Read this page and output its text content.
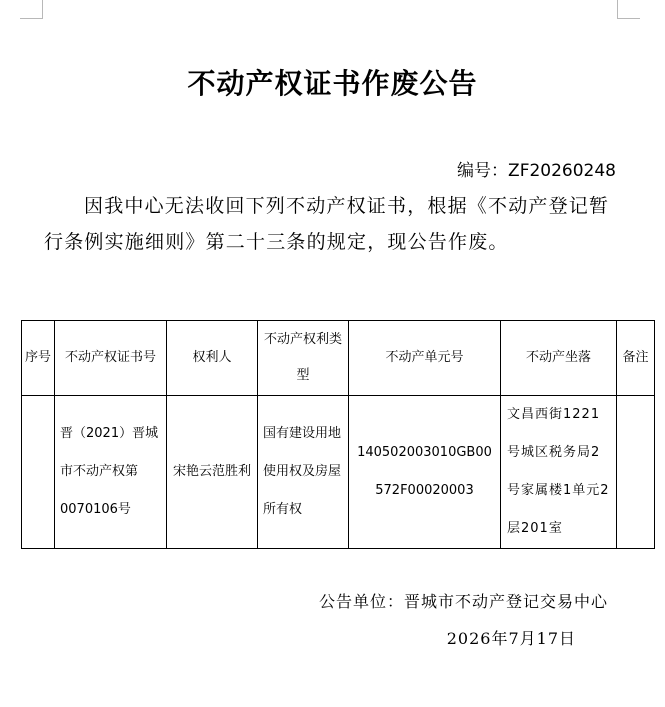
不动产权证书作废公告
编号：ZF20260248
因我中心无法收回下列不动产权证书，根据《不动产登记暂行条例实施细则》第二十三条的规定，现公告作废。
序号	不动产权证书号	权利人	不动产权利类型	不动产单元号	不动产坐落	备注
	晋（2021）晋城市不动产权第0070106号	宋艳云范胜利	国有建设用地使用权及房屋所有权	140502003010GB00572F00020003	文昌西街1221号城区税务局2号家属楼1单元2层201室	
公告单位：晋城市不动产登记交易中心
2026年7月17日
